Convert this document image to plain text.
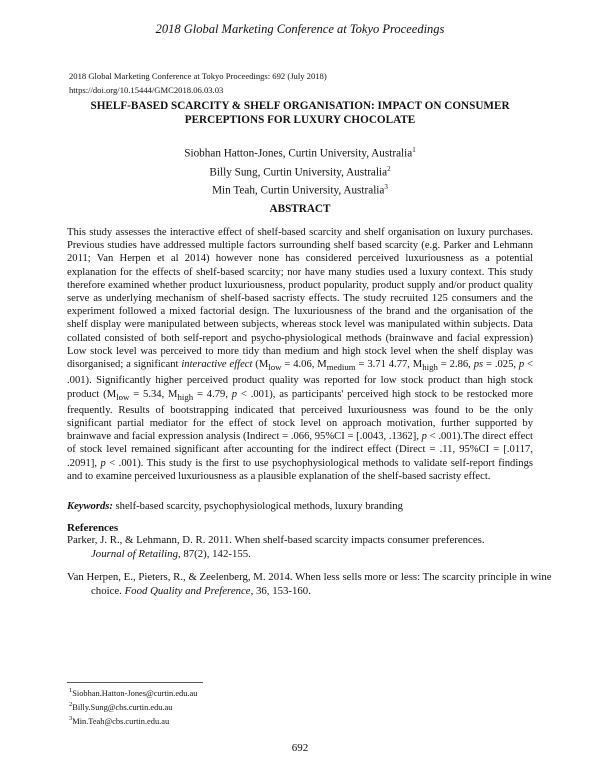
2018 Global Marketing Conference at Tokyo Proceedings
2018 Global Marketing Conference at Tokyo Proceedings: 692 (July 2018)
https://doi.org/10.15444/GMC2018.06.03.03
SHELF-BASED SCARCITY & SHELF ORGANISATION: IMPACT ON CONSUMER
PERCEPTIONS FOR LUXURY CHOCOLATE
Siobhan Hatton-Jones, Curtin University, Australia$^1$
Billy Sung, Curtin University, Australia$^2$
Min Teah, Curtin University, Australia$^3$
ABSTRACT
This study assesses the interactive effect of shelf-based scarcity and shelf organisation on luxury purchases. Previous studies have addressed multiple factors surrounding shelf based scarcity (e.g. Parker and Lehmann 2011; Van Herpen et al 2014) however none has considered perceived luxuriousness as a potential explanation for the effects of shelf-based scarcity; nor have many studies used a luxury context. This study therefore examined whether product luxuriousness, product popularity, product supply and/or product quality serve as underlying mechanism of shelf-based sacristy effects. The study recruited 125 consumers and the experiment followed a mixed factorial design. The luxuriousness of the brand and the organisation of the shelf display were manipulated between subjects, whereas stock level was manipulated within subjects. Data collated consisted of both self-report and psycho-physiological methods (brainwave and facial expression) Low stock level was perceived to more tidy than medium and high stock level when the shelf display was disorganised; a significant interactive effect ($M_{low} = 4.06$, $M_{medium} = 3.71$ 4.77, $M_{high} = 2.86$, ps = .025, p < .001). Significantly higher perceived product quality was reported for low stock product than high stock product ($M_{low} = 5.34$, $M_{high} = 4.79$, p < .001), as participants' perceived high stock to be restocked more frequently. Results of bootstrapping indicated that perceived luxuriousness was found to be the only significant partial mediator for the effect of stock level on approach motivation, further supported by brainwave and facial expression analysis (Indirect = .066, 95%CI = [.0043, .1362], p < .001).The direct effect of stock level remained significant after accounting for the indirect effect (Direct = .11, 95%CI = [.0117, .2091], p < .001). This study is the first to use psychophysiological methods to validate self-report findings and to examine perceived luxuriousness as a plausible explanation of the shelf-based sacristy effect.
Keywords: shelf-based scarcity, psychophysiological methods, luxury branding
References
Parker, J. R., & Lehmann, D. R. 2011. When shelf-based scarcity impacts consumer preferences.
Journal of Retailing, 87(2), 142-155.
Van Herpen, E., Pieters, R., & Zeelenberg, M. 2014. When less sells more or less: The scarcity principle in wine choice. Food Quality and Preference, 36, 153-160.
$^1$Siobhan.Hatton-Jones@curtin.edu.au
$^2$Billy.Sung@cbs.curtin.edu.au
$^3$Min.Teah@cbs.curtin.edu.au
692
